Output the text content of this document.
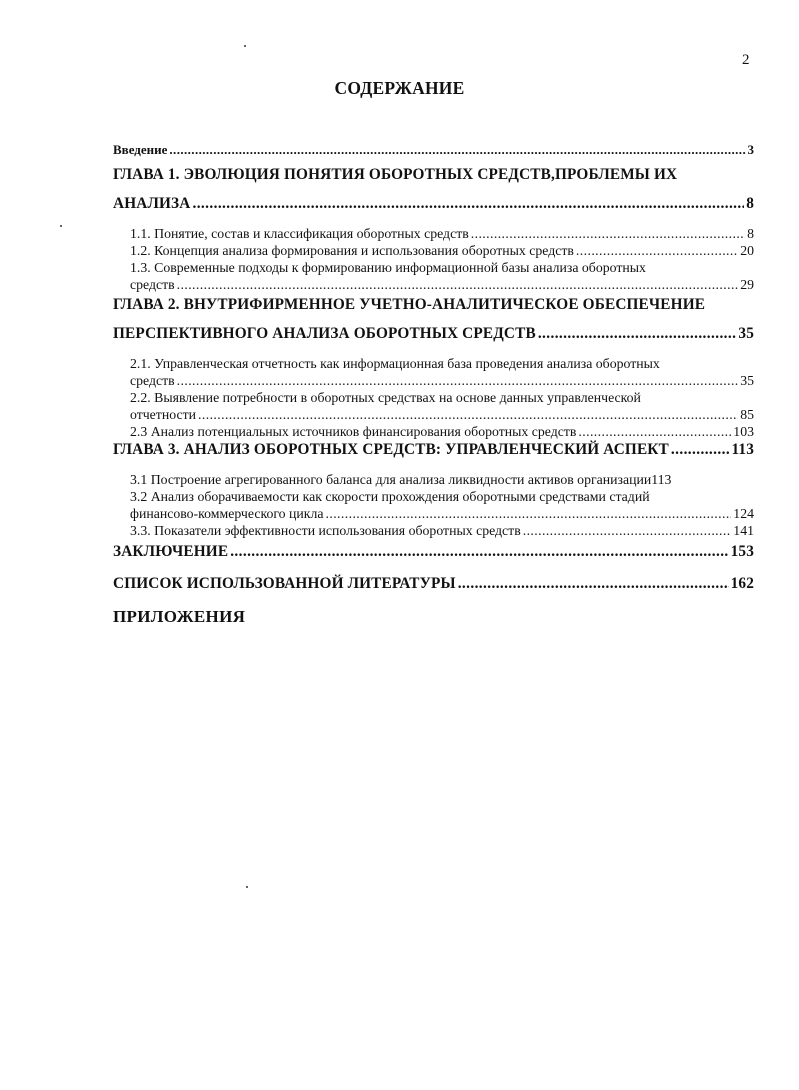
2
СОДЕРЖАНИЕ
Введение .....	3
ГЛАВА 1. ЭВОЛЮЦИЯ ПОНЯТИЯ ОБОРОТНЫХ СРЕДСТВ,ПРОБЛЕМЫ ИХ
АНАЛИЗА .....	8
1.1. Понятие, состав и классификация оборотных средств .....	8
1.2. Концепция анализа формирования и использования оборотных средств .....	20
1.3. Современные подходы к формированию информационной базы анализа оборотных
средств .....	29
ГЛАВА 2. ВНУТРИФИРМЕННОЕ УЧЕТНО-АНАЛИТИЧЕСКОЕ ОБЕСПЕЧЕНИЕ
ПЕРСПЕКТИВНОГО АНАЛИЗА ОБОРОТНЫХ СРЕДСТВ .....	35
2.1. Управленческая отчетность как информационная база проведения анализа оборотных
средств .....	35
2.2. Выявление потребности в оборотных средствах на основе данных управленческой
отчетности .....	85
2.3 Анализ потенциальных источников финансирования оборотных средств .....	103
ГЛАВА 3. АНАЛИЗ ОБОРОТНЫХ СРЕДСТВ: УПРАВЛЕНЧЕСКИЙ АСПЕКТ .....	113
3.1 Построение агрегированного баланса для анализа ликвидности активов организации 113
3.2 Анализ оборачиваемости как скорости прохождения оборотными средствами стадий
финансово-коммерческого цикла .....	124
3.3. Показатели эффективности использования оборотных средств .....	141
ЗАКЛЮЧЕНИЕ .....	153
СПИСОК ИСПОЛЬЗОВАННОЙ ЛИТЕРАТУРЫ .....	162
ПРИЛОЖЕНИЯ
